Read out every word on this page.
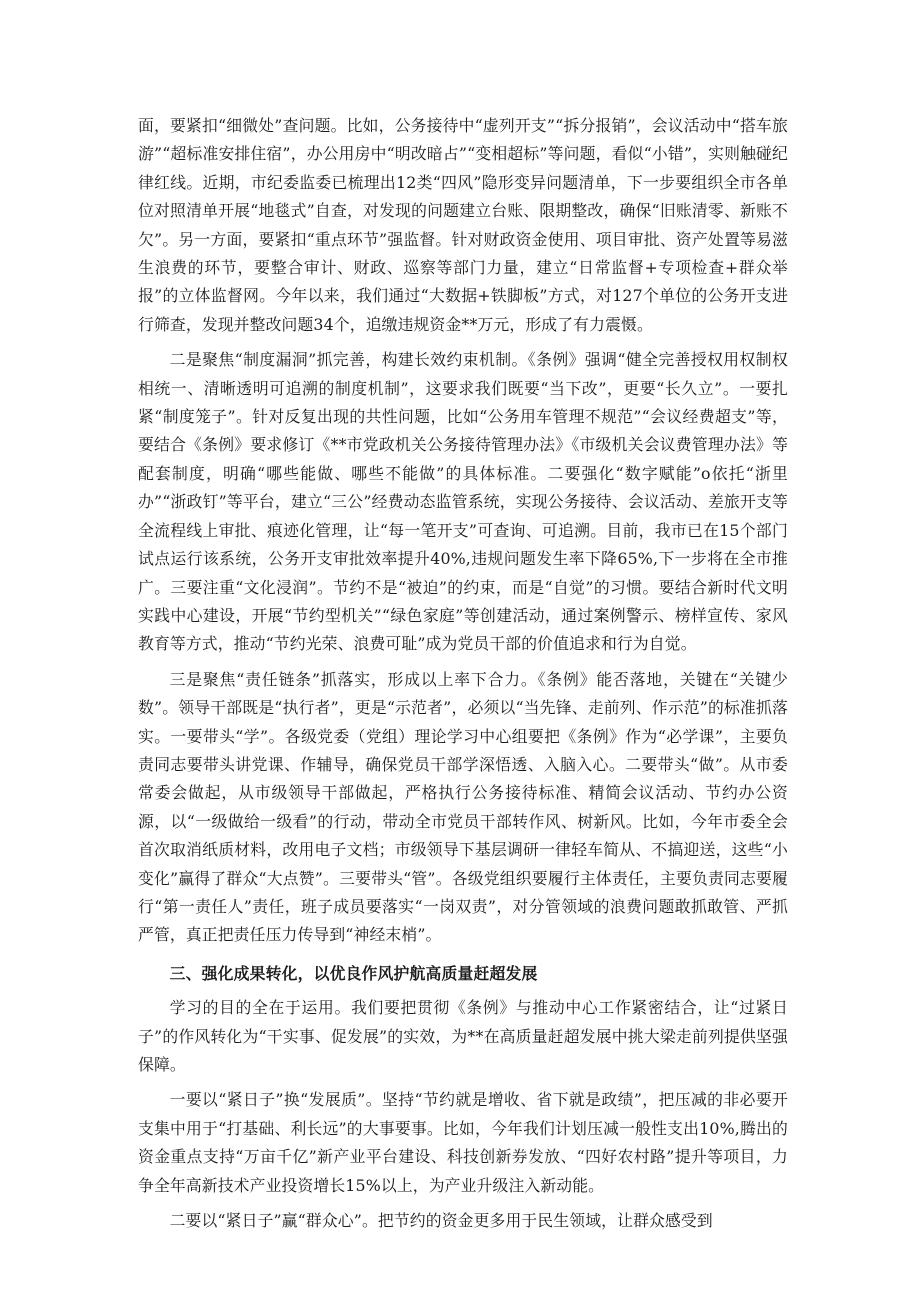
面，要紧扣“细微处”查问题。比如，公务接待中“虚列开支”“拆分报销”，会议活动中“搭车旅游”“超标准安排住宿”，办公用房中“明改暗占”“变相超标”等问题，看似“小错”，实则触碰纪律红线。近期，市纪委监委已梳理出12类“四风”隐形变异问题清单，下一步要组织全市各单位对照清单开展“地毯式”自查，对发现的问题建立台账、限期整改，确保“旧账清零、新账不欠”。另一方面，要紧扣“重点环节”强监督。针对财政资金使用、项目审批、资产处置等易滋生浪费的环节，要整合审计、财政、巡察等部门力量，建立“日常监督+专项检查+群众举报”的立体监督网。今年以来，我们通过“大数据+铁脚板”方式，对127个单位的公务开支进行筛查，发现并整改问题34个，追缴违规资金**万元，形成了有力震慑。

二是聚焦“制度漏洞”抓完善，构建长效约束机制。《条例》强调“健全完善授权用权制权相统一、清晰透明可追溯的制度机制”，这要求我们既要“当下改”，更要“长久立”。一要扎紧“制度笼子”。针对反复出现的共性问题，比如“公务用车管理不规范”“会议经费超支”等，要结合《条例》要求修订《**市党政机关公务接待管理办法》《市级机关会议费管理办法》等配套制度，明确“哪些能做、哪些不能做”的具体标准。二要强化“数字赋能”o依托“浙里办”“浙政钉”等平台，建立“三公”经费动态监管系统，实现公务接待、会议活动、差旅开支等全流程线上审批、痕迹化管理，让“每一笔开支”可查询、可追溯。目前，我市已在15个部门试点运行该系统，公务开支审批效率提升40%,违规问题发生率下降65%,下一步将在全市推广。三要注重“文化浸润”。节约不是“被迫”的约束，而是“自觉”的习惯。要结合新时代文明实践中心建设，开展“节约型机关”“绿色家庭”等创建活动，通过案例警示、榜样宣传、家风教育等方式，推动“节约光荣、浪费可耻”成为党员干部的价值追求和行为自觉。

三是聚焦“责任链条”抓落实，形成以上率下合力。《条例》能否落地，关键在“关键少数”。领导干部既是“执行者”，更是“示范者”，必须以“当先锋、走前列、作示范”的标准抓落实。一要带头“学”。各级党委（党组）理论学习中心组要把《条例》作为“必学课”，主要负责同志要带头讲党课、作辅导，确保党员干部学深悟透、入脑入心。二要带头“做”。从市委常委会做起，从市级领导干部做起，严格执行公务接待标准、精简会议活动、节约办公资源，以“一级做给一级看”的行动，带动全市党员干部转作风、树新风。比如，今年市委全会首次取消纸质材料，改用电子文档；市级领导下基层调研一律轻车简从、不搞迎送，这些“小变化”赢得了群众“大点赞”。三要带头“管”。各级党组织要履行主体责任，主要负责同志要履行“第一责任人”责任，班子成员要落实“一岗双责”，对分管领域的浪费问题敢抓敢管、严抓严管，真正把责任压力传导到“神经末梢”。

三、强化成果转化，以优良作风护航高质量赶超发展

学习的目的全在于运用。我们要把贯彻《条例》与推动中心工作紧密结合，让“过紧日子”的作风转化为“干实事、促发展”的实效，为**在高质量赶超发展中挑大梁走前列提供坚强保障。

一要以“紧日子”换“发展质”。坚持“节约就是增收、省下就是政绩”，把压减的非必要开支集中用于“打基础、利长远”的大事要事。比如，今年我们计划压减一般性支出10%,腾出的资金重点支持“万亩千亿”新产业平台建设、科技创新券发放、“四好农村路”提升等项目，力争全年高新技术产业投资增长15%以上，为产业升级注入新动能。

二要以“紧日子”赢“群众心”。把节约的资金更多用于民生领域，让群众感受到
